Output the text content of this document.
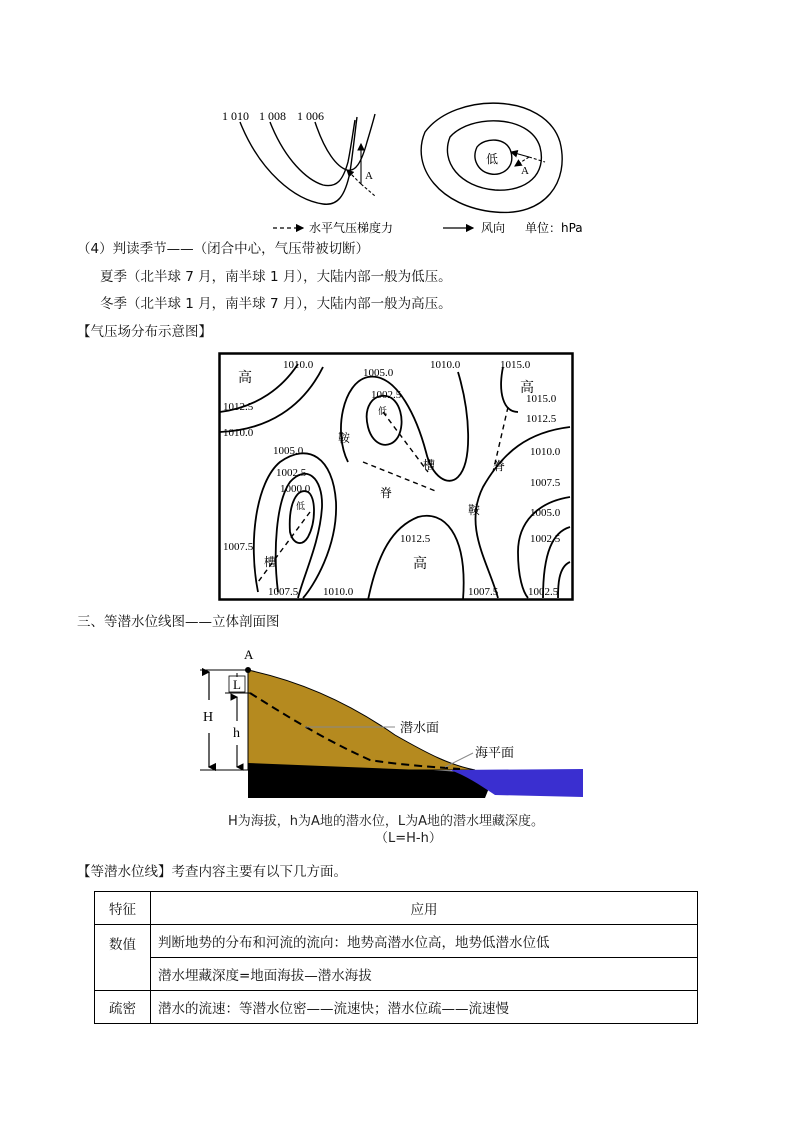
1 010 1 008 1 006
A
低
A
水平气压梯度力	风向 单位：hPa
（4）判读季节——（闭合中心，气压带被切断）
夏季（北半球 7 月，南半球 1 月），大陆内部一般为低压。
冬季（北半球 1 月，南半球 7 月），大陆内部一般为高压。
【气压场分布示意图】
高
1010.0
1012.5
1010.0
1005.0
1002.5
低
鞍
槽
1005.0
1002.5
1000.0
低
脊
1007.5
槽
1007.5 1010.0
1012.5
高
1010.0
鞍
脊
1015.0
高
1015.0
1012.5
1010.0
1007.5
1005.0
1002.5
1007.5	1002.5
三、等潜水位线图——立体剖面图
A
L
H
h	潜水面
海平面
H为海拔，h为A地的潜水位，L为A地的潜水埋藏深度。
（L=H-h）
【等潜水位线】考查内容主要有以下几方面。
特征	应用
数值	判断地势的分布和河流的流向：地势高潜水位高，地势低潜水位低
	潜水埋藏深度=地面海拔—潜水海拔
疏密	潜水的流速：等潜水位密——流速快；潜水位疏——流速慢
